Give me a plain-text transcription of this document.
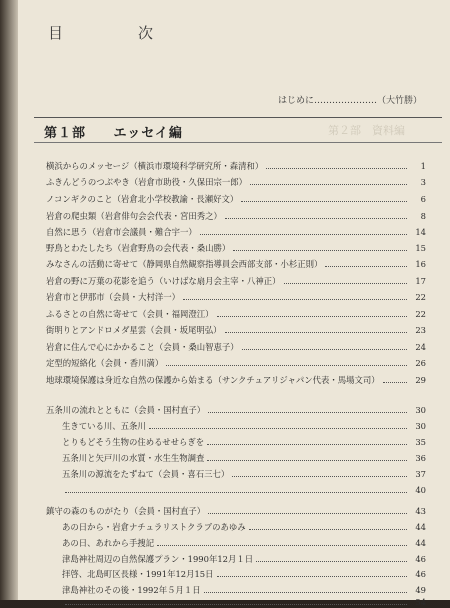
目　次
はじめに…………………（大竹勝）
第１部 エッセイ編	第２部　資料編
横浜からのメッセージ（横浜市環境科学研究所・森清和）	1
ふきんどうのつぶやき（岩倉市助役・久保田宗一郎）	3
ノコンギクのこと（岩倉北小学校教諭・長瀬好文）	6
岩倉の爬虫類（岩倉俳句会会代表・宮田秀之）	8
自然に思う（岩倉市会議員・難合宇一）	14
野鳥とわたしたち（岩倉野鳥の会代表・桑山勝）	15
みなさんの活動に寄せて（静岡県自然観察指導員会西部支部・小杉正則）	16
岩倉の野に万葉の花影を追う（いけばな扇月会主宰・八神正）	17
岩倉市と伊那市（会員・大村洋一）	22
ふるさとの自然に寄せて（会員・福岡澄江）	22
街明りとアンドロメダ星雲（会員・坂尾明弘）	23
岩倉に住んで心にかかること（会員・桑山智恵子）	24
定型的短絡化（会員・香川満）	26
地球環境保護は身近な自然の保護から始まる（サンクチュアリジャパン代表・馬場文司）	29
五条川の流れとともに（会員・国村直子）	30
生きている川、五条川	30
とりもどそう生物の住めるせせらぎを	35
五条川と矢戸川の水質・水生生物調査	36
五条川の源流をたずねて（会員・喜石三七）	37
40
鎮守の森のものがたり（会員・国村直子）	43
あの日から・岩倉ナチュラリストクラブのあゆみ	44
あの日、あれから手捜記	44
津島神社周辺の自然保護プラン・1990年12月１日	46
拝啓、北島町区長様・1991年12月15日	46
津島神社のその後・1992年５月１日	49
54
